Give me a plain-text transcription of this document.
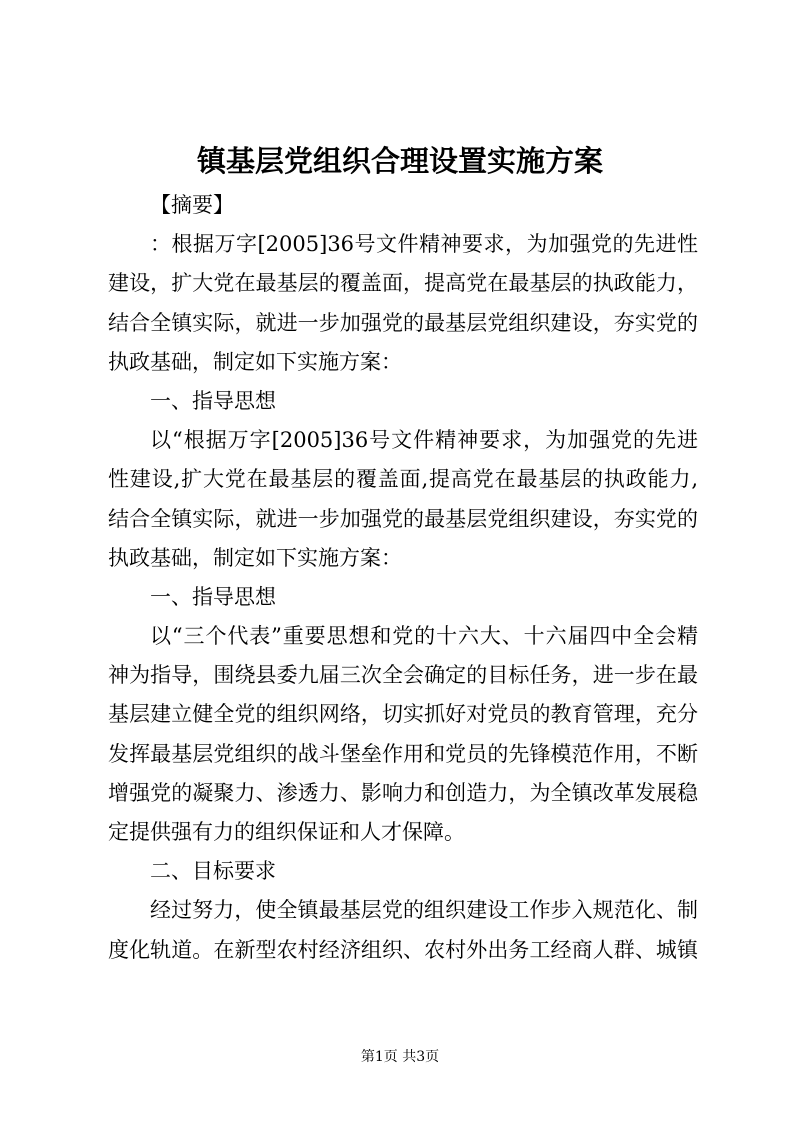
镇基层党组织合理设置实施方案
【摘要】
：根据万字[2005]36号文件精神要求，为加强党的先进性
建设，扩大党在最基层的覆盖面，提高党在最基层的执政能力，
结合全镇实际，就进一步加强党的最基层党组织建设，夯实党的
执政基础，制定如下实施方案：
一、指导思想
以“根据万字[2005]36号文件精神要求，为加强党的先进
性建设,扩大党在最基层的覆盖面,提高党在最基层的执政能力,
结合全镇实际，就进一步加强党的最基层党组织建设，夯实党的
执政基础，制定如下实施方案：
一、指导思想
以“三个代表”重要思想和党的十六大、十六届四中全会精
神为指导，围绕县委九届三次全会确定的目标任务，进一步在最
基层建立健全党的组织网络，切实抓好对党员的教育管理，充分
发挥最基层党组织的战斗堡垒作用和党员的先锋模范作用，不断
增强党的凝聚力、渗透力、影响力和创造力，为全镇改革发展稳
定提供强有力的组织保证和人才保障。
二、目标要求
经过努力，使全镇最基层党的组织建设工作步入规范化、制
度化轨道。在新型农村经济组织、农村外出务工经商人群、城镇
第1页 共3页
